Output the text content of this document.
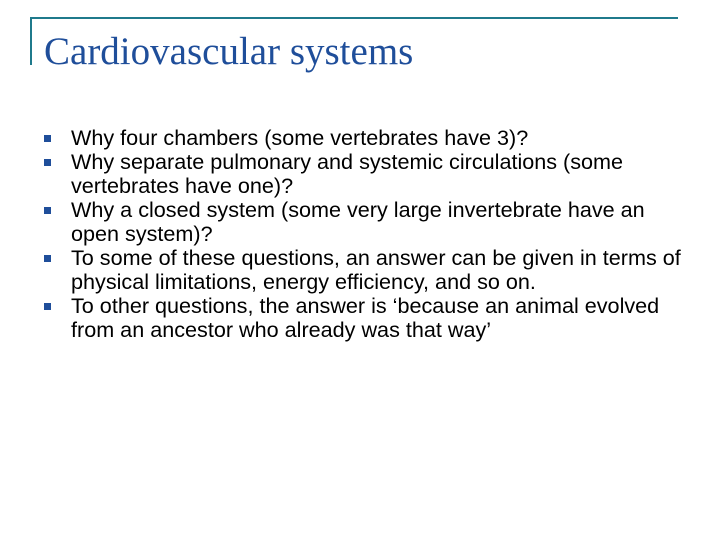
Cardiovascular systems
Why four chambers (some vertebrates have 3)?
Why separate pulmonary and systemic circulations (some vertebrates have one)?
Why a closed system (some very large invertebrate have an open system)?
To some of these questions, an answer can be given in terms of physical limitations, energy efficiency, and so on.
To other questions, the answer is ‘because an animal evolved from an ancestor who already was that way’
